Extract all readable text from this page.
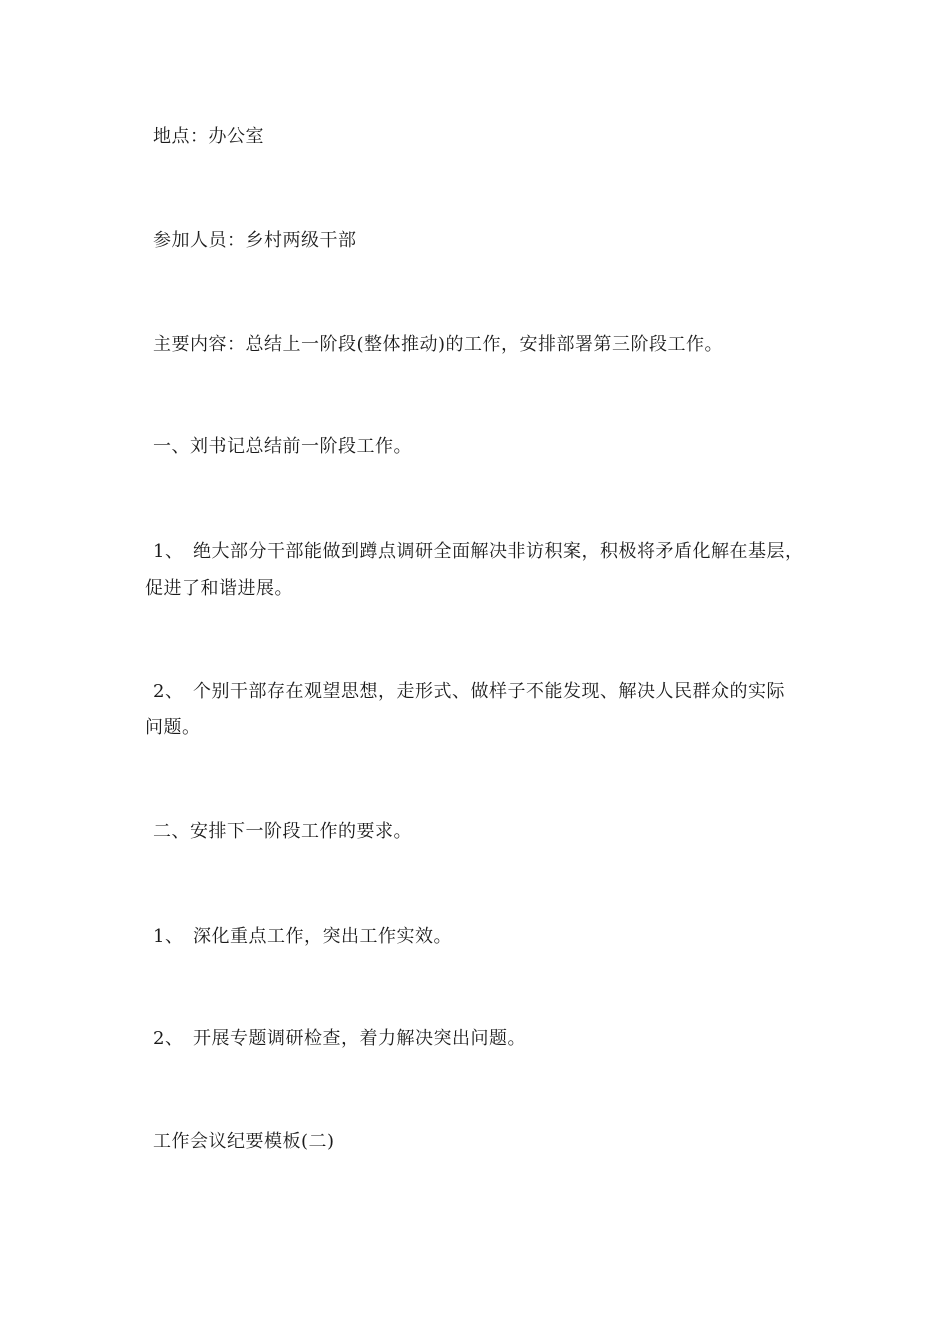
地点：办公室
参加人员：乡村两级干部
主要内容：总结上一阶段(整体推动)的工作，安排部署第三阶段工作。
一、刘书记总结前一阶段工作。
1、 绝大部分干部能做到蹲点调研全面解决非访积案，积极将矛盾化解在基层，
促进了和谐进展。
2、 个别干部存在观望思想，走形式、做样子不能发现、解决人民群众的实际
问题。
二、安排下一阶段工作的要求。
1、 深化重点工作，突出工作实效。
2、 开展专题调研检查，着力解决突出问题。
工作会议纪要模板(二)
